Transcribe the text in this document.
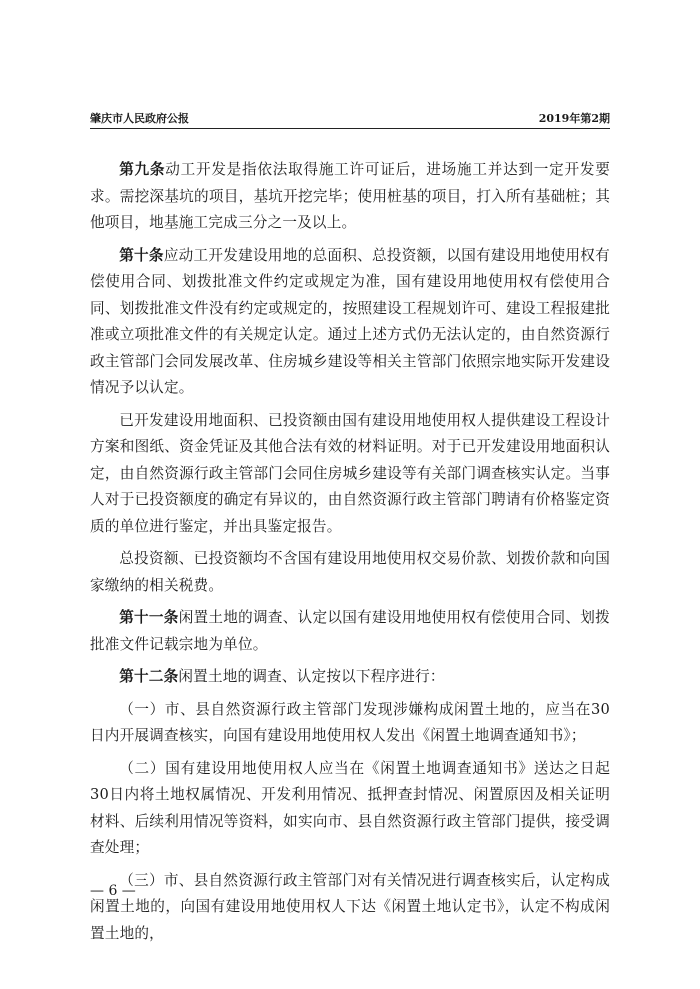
肇庆市人民政府公报	2019年第2期

第九条动工开发是指依法取得施工许可证后，进场施工并达到一定开发要求。需挖深基坑的项目，基坑开挖完毕；使用桩基的项目，打入所有基础桩；其他项目，地基施工完成三分之一及以上。

第十条应动工开发建设用地的总面积、总投资额，以国有建设用地使用权有偿使用合同、划拨批准文件约定或规定为准，国有建设用地使用权有偿使用合同、划拨批准文件没有约定或规定的，按照建设工程规划许可、建设工程报建批准或立项批准文件的有关规定认定。通过上述方式仍无法认定的，由自然资源行政主管部门会同发展改革、住房城乡建设等相关主管部门依照宗地实际开发建设情况予以认定。

已开发建设用地面积、已投资额由国有建设用地使用权人提供建设工程设计方案和图纸、资金凭证及其他合法有效的材料证明。对于已开发建设用地面积认定，由自然资源行政主管部门会同住房城乡建设等有关部门调查核实认定。当事人对于已投资额度的确定有异议的，由自然资源行政主管部门聘请有价格鉴定资质的单位进行鉴定，并出具鉴定报告。

总投资额、已投资额均不含国有建设用地使用权交易价款、划拨价款和向国家缴纳的相关税费。

第十一条闲置土地的调查、认定以国有建设用地使用权有偿使用合同、划拨批准文件记载宗地为单位。

第十二条闲置土地的调查、认定按以下程序进行：

（一）市、县自然资源行政主管部门发现涉嫌构成闲置土地的，应当在30日内开展调查核实，向国有建设用地使用权人发出《闲置土地调查通知书》；

（二）国有建设用地使用权人应当在《闲置土地调查通知书》送达之日起30日内将土地权属情况、开发利用情况、抵押查封情况、闲置原因及相关证明材料、后续利用情况等资料，如实向市、县自然资源行政主管部门提供，接受调查处理；

（三）市、县自然资源行政主管部门对有关情况进行调查核实后，认定构成闲置土地的，向国有建设用地使用权人下达《闲置土地认定书》，认定不构成闲置土地的，

— 6 —
